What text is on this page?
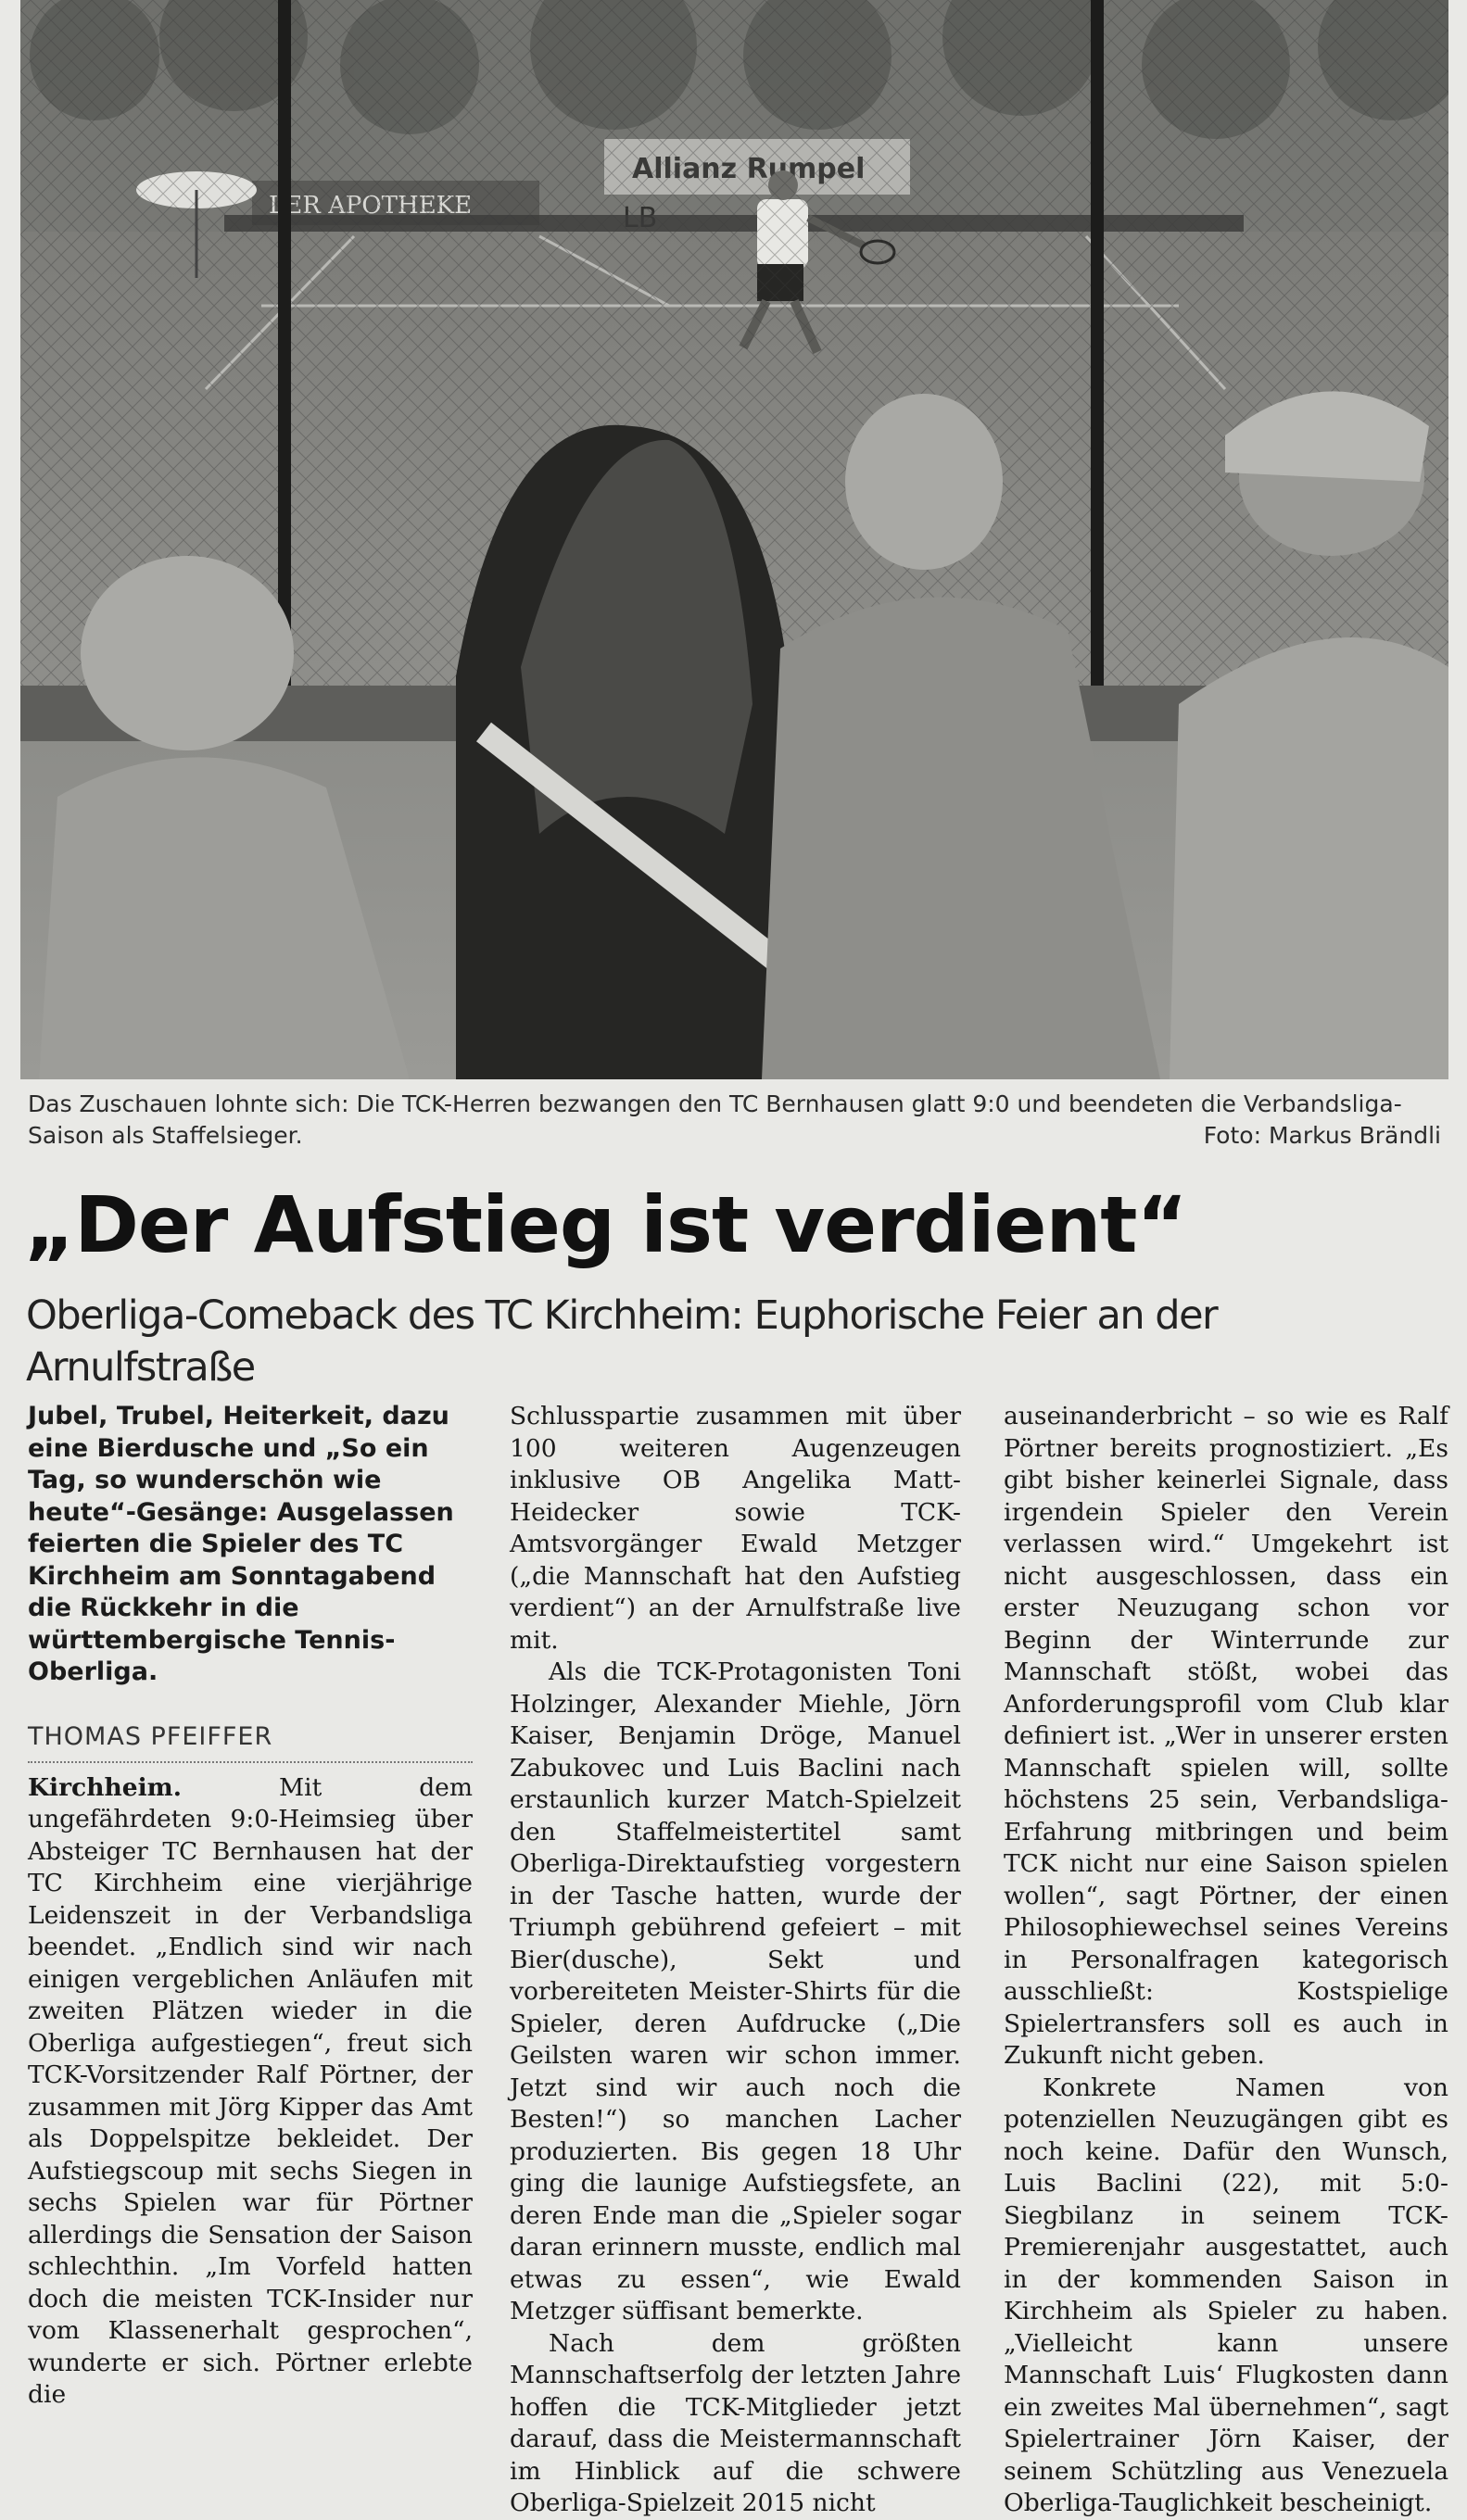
Das Zuschauen lohnte sich: Die TCK-Herren bezwangen den TC Bernhausen glatt 9:0 und beendeten die Verbandsliga-Saison als Staffelsieger.	Foto: Markus Brändli
„Der Aufstieg ist verdient“
Oberliga-Comeback des TC Kirchheim: Euphorische Feier an der Arnulfstraße

Jubel, Trubel, Heiterkeit, dazu eine Bierdusche und „So ein Tag, so wunderschön wie heute“-Gesänge: Ausgelassen feierten die Spieler des TC Kirchheim am Sonntagabend die Rückkehr in die württembergische Tennis-Oberliga.

THOMAS PFEIFFER

Kirchheim.	Mit dem ungefährdeten 9:0-Heimsieg über Absteiger TC Bernhausen hat der TC Kirchheim eine vierjährige Leidenszeit in der Verbandsliga beendet. „Endlich sind wir nach einigen vergeblichen Anläufen mit zweiten Plätzen wieder in die Oberliga aufgestiegen“, freut sich TCK-Vorsitzender Ralf Pörtner, der zusammen mit Jörg Kipper das Amt als Doppelspitze bekleidet. Der Aufstiegscoup mit sechs Siegen in sechs Spielen war für Pörtner allerdings die Sensation der Saison schlechthin. „Im Vorfeld hatten doch die meisten TCK-Insider nur vom Klassenerhalt gesprochen“, wunderte er sich. Pörtner erlebte die

Schlusspartie zusammen mit über 100 weiteren Augenzeugen inklusive OB Angelika Matt-Heidecker sowie TCK-Amtsvorgänger Ewald Metzger („die Mannschaft hat den Aufstieg verdient“) an der Arnulfstraße live mit.

Als die TCK-Protagonisten Toni Holzinger, Alexander Miehle, Jörn Kaiser, Benjamin Dröge, Manuel Zabukovec und Luis Baclini nach erstaunlich kurzer Match-Spielzeit den Staffelmeistertitel samt Oberliga-Direktaufstieg vorgestern in der Tasche hatten, wurde der Triumph gebührend gefeiert – mit Bier(dusche), Sekt und vorbereiteten Meister-Shirts für die Spieler, deren Aufdrucke („Die Geilsten waren wir schon immer. Jetzt sind wir auch noch die Besten!“) so manchen Lacher produzierten. Bis gegen 18 Uhr ging die launige Aufstiegsfete, an deren Ende man die „Spieler sogar daran erinnern musste, endlich mal etwas zu essen“, wie Ewald Metzger süffisant bemerkte.

Nach dem größten Mannschaftserfolg der letzten Jahre hoffen die TCK-Mitglieder jetzt darauf, dass die Meistermannschaft im Hinblick auf die schwere Oberliga-Spielzeit 2015 nicht

auseinanderbricht – so wie es Ralf Pörtner bereits prognostiziert. „Es gibt bisher keinerlei Signale, dass irgendein Spieler den Verein verlassen wird.“ Umgekehrt ist nicht ausgeschlossen, dass ein erster Neuzugang schon vor Beginn der Winterrunde zur Mannschaft stößt, wobei das Anforderungsprofil vom Club klar definiert ist. „Wer in unserer ersten Mannschaft spielen will, sollte höchstens 25 sein, Verbandsliga-Erfahrung mitbringen und beim TCK nicht nur eine Saison spielen wollen“, sagt Pörtner, der einen Philosophiewechsel seines Vereins in Personalfragen kategorisch ausschließt: Kostspielige Spielertransfers soll es auch in Zukunft nicht geben.

Konkrete Namen von potenziellen Neuzugängen gibt es noch keine. Dafür den Wunsch, Luis Baclini (22), mit 5:0-Siegbilanz in seinem TCK-Premierenjahr ausgestattet, auch in der kommenden Saison in Kirchheim als Spieler zu haben. „Vielleicht kann unsere Mannschaft Luis‘ Flugkosten dann ein zweites Mal übernehmen“, sagt Spielertrainer Jörn Kaiser, der seinem Schützling aus Venezuela Oberliga-Tauglichkeit bescheinigt.
